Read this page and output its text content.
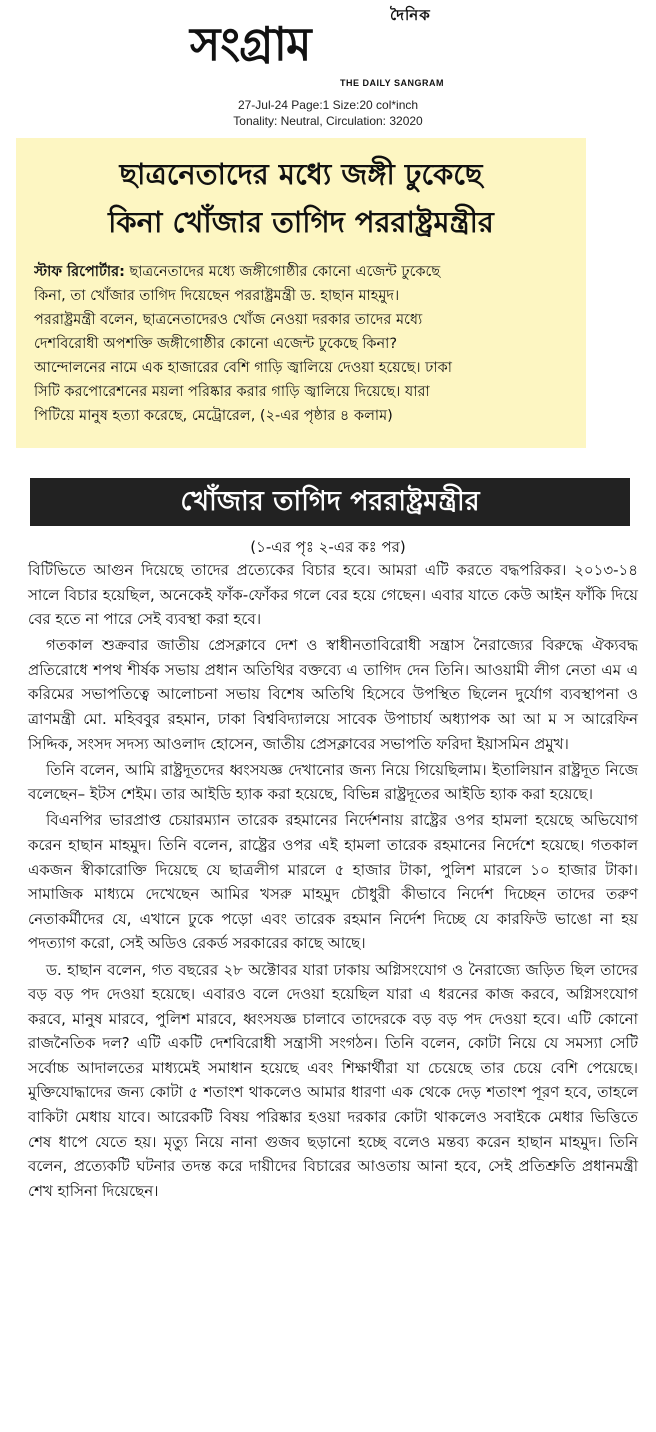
দৈনিক
সংগ্রাম
THE DAILY SANGRAM
27-Jul-24 Page:1 Size:20 col*inch
Tonality: Neutral, Circulation: 32020
ছাত্রনেতাদের মধ্যে জঙ্গী ঢুকেছে
কিনা খোঁজার তাগিদ পররাষ্ট্রমন্ত্রীর
স্টাফ রিপোর্টার: ছাত্রনেতাদের মধ্যে জঙ্গীগোষ্ঠীর কোনো এজেন্ট ঢুকেছে
কিনা, তা খোঁজার তাগিদ দিয়েছেন পররাষ্ট্রমন্ত্রী ড. হাছান মাহমুদ।
পররাষ্ট্রমন্ত্রী বলেন, ছাত্রনেতাদেরও খোঁজ নেওয়া দরকার তাদের মধ্যে
দেশবিরোধী অপশক্তি জঙ্গীগোষ্ঠীর কোনো এজেন্ট ঢুকেছে কিনা?
আন্দোলনের নামে এক হাজারের বেশি গাড়ি জ্বালিয়ে দেওয়া হয়েছে। ঢাকা
সিটি করপোরেশনের ময়লা পরিষ্কার করার গাড়ি জ্বালিয়ে দিয়েছে। যারা
পিটিয়ে মানুষ হত্যা করেছে, মেট্রোরেল, (২-এর পৃষ্ঠার ৪ কলাম)
খোঁজার তাগিদ পররাষ্ট্রমন্ত্রীর
(১-এর পৃঃ ২-এর কঃ পর)

বিটিভিতে আগুন দিয়েছে তাদের প্রত্যেকের বিচার হবে। আমরা এটি করতে বদ্ধপরিকর। ২০১৩-১৪ সালে বিচার হয়েছিল, অনেকেই ফাঁক-ফোঁকর গলে বের হয়ে গেছেন। এবার যাতে কেউ আইন ফাঁকি দিয়ে বের হতে না পারে সেই ব্যবস্থা করা হবে।

গতকাল শুক্রবার জাতীয় প্রেসক্লাবে দেশ ও স্বাধীনতাবিরোধী সন্ত্রাস নৈরাজ্যের বিরুদ্ধে ঐক্যবদ্ধ প্রতিরোধে শপথ শীর্ষক সভায় প্রধান অতিথির বক্তব্যে এ তাগিদ দেন তিনি। আওয়ামী লীগ নেতা এম এ করিমের সভাপতিত্বে আলোচনা সভায় বিশেষ অতিথি হিসেবে উপস্থিত ছিলেন দুর্যোগ ব্যবস্থাপনা ও ত্রাণমন্ত্রী মো. মহিববুর রহমান, ঢাকা বিশ্ববিদ্যালয়ে সাবেক উপাচার্য অধ্যাপক আ আ ম স আরেফিন সিদ্দিক, সংসদ সদস্য আওলাদ হোসেন, জাতীয় প্রেসক্লাবের সভাপতি ফরিদা ইয়াসমিন প্রমুখ।

তিনি বলেন, আমি রাষ্ট্রদূতদের ধ্বংসযজ্ঞ দেখানোর জন্য নিয়ে গিয়েছিলাম। ইতালিয়ান রাষ্ট্রদূত নিজে বলেছেন– ইটস শেইম। তার আইডি হ্যাক করা হয়েছে, বিভিন্ন রাষ্ট্রদূতের আইডি হ্যাক করা হয়েছে।

বিএনপির ভারপ্রাপ্ত চেয়ারম্যান তারেক রহমানের নির্দেশনায় রাষ্ট্রের ওপর হামলা হয়েছে অভিযোগ করেন হাছান মাহমুদ। তিনি বলেন, রাষ্ট্রের ওপর এই হামলা তারেক রহমানের নির্দেশে হয়েছে। গতকাল একজন স্বীকারোক্তি দিয়েছে যে ছাত্রলীগ মারলে ৫ হাজার টাকা, পুলিশ মারলে ১০ হাজার টাকা। সামাজিক মাধ্যমে দেখেছেন আমির খসরু মাহমুদ চৌধুরী কীভাবে নির্দেশ দিচ্ছেন তাদের তরুণ নেতাকর্মীদের যে, এখানে ঢুকে পড়ো এবং তারেক রহমান নির্দেশ দিচ্ছে যে কারফিউ ভাঙো না হয় পদত্যাগ করো, সেই অডিও রেকর্ড সরকারের কাছে আছে।

ড. হাছান বলেন, গত বছরের ২৮ অক্টোবর যারা ঢাকায় অগ্নিসংযোগ ও নৈরাজ্যে জড়িত ছিল তাদের বড় বড় পদ দেওয়া হয়েছে। এবারও বলে দেওয়া হয়েছিল যারা এ ধরনের কাজ করবে, অগ্নিসংযোগ করবে, মানুষ মারবে, পুলিশ মারবে, ধ্বংসযজ্ঞ চালাবে তাদেরকে বড় বড় পদ দেওয়া হবে। এটি কোনো রাজনৈতিক দল? এটি একটি দেশবিরোধী সন্ত্রাসী সংগঠন। তিনি বলেন, কোটা নিয়ে যে সমস্যা সেটি সর্বোচ্চ আদালতের মাধ্যমেই সমাধান হয়েছে এবং শিক্ষার্থীরা যা চেয়েছে তার চেয়ে বেশি পেয়েছে। মুক্তিযোদ্ধাদের জন্য কোটা ৫ শতাংশ থাকলেও আমার ধারণা এক থেকে দেড় শতাংশ পূরণ হবে, তাহলে বাকিটা মেধায় যাবে। আরেকটি বিষয় পরিষ্কার হওয়া দরকার কোটা থাকলেও সবাইকে মেধার ভিত্তিতে শেষ ধাপে যেতে হয়। মৃত্যু নিয়ে নানা গুজব ছড়ানো হচ্ছে বলেও মন্তব্য করেন হাছান মাহমুদ। তিনি বলেন, প্রত্যেকটি ঘটনার তদন্ত করে দায়ীদের বিচারের আওতায় আনা হবে, সেই প্রতিশ্রুতি প্রধানমন্ত্রী শেখ হাসিনা দিয়েছেন।
